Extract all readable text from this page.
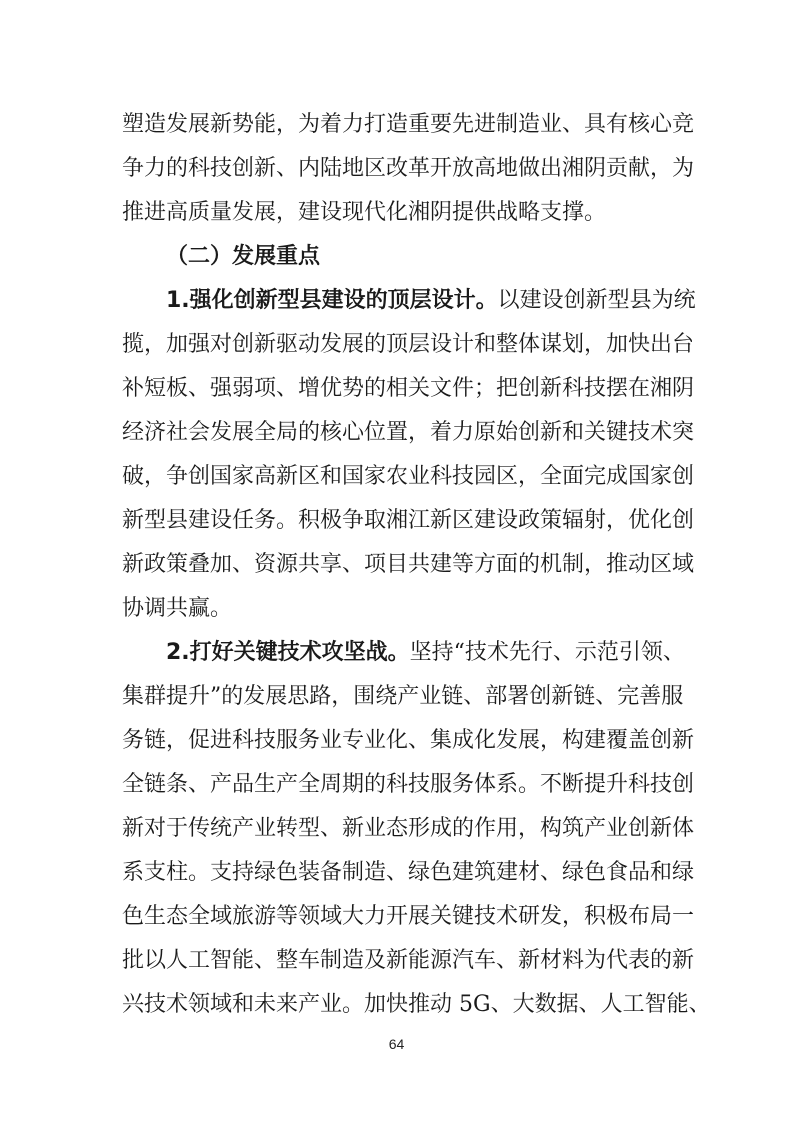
塑造发展新势能，为着力打造重要先进制造业、具有核心竞
争力的科技创新、内陆地区改革开放高地做出湘阴贡献，为
推进高质量发展，建设现代化湘阴提供战略支撑。
（二）发展重点
1.强化创新型县建设的顶层设计。以建设创新型县为统
揽，加强对创新驱动发展的顶层设计和整体谋划，加快出台
补短板、强弱项、增优势的相关文件；把创新科技摆在湘阴
经济社会发展全局的核心位置，着力原始创新和关键技术突
破，争创国家高新区和国家农业科技园区，全面完成国家创
新型县建设任务。积极争取湘江新区建设政策辐射，优化创
新政策叠加、资源共享、项目共建等方面的机制，推动区域
协调共赢。
2.打好关键技术攻坚战。坚持“技术先行、示范引领、
集群提升”的发展思路，围绕产业链、部署创新链、完善服
务链，促进科技服务业专业化、集成化发展，构建覆盖创新
全链条、产品生产全周期的科技服务体系。不断提升科技创
新对于传统产业转型、新业态形成的作用，构筑产业创新体
系支柱。支持绿色装备制造、绿色建筑建材、绿色食品和绿
色生态全域旅游等领域大力开展关键技术研发，积极布局一
批以人工智能、整车制造及新能源汽车、新材料为代表的新
兴技术领域和未来产业。加快推动 5G、大数据、人工智能、
64
